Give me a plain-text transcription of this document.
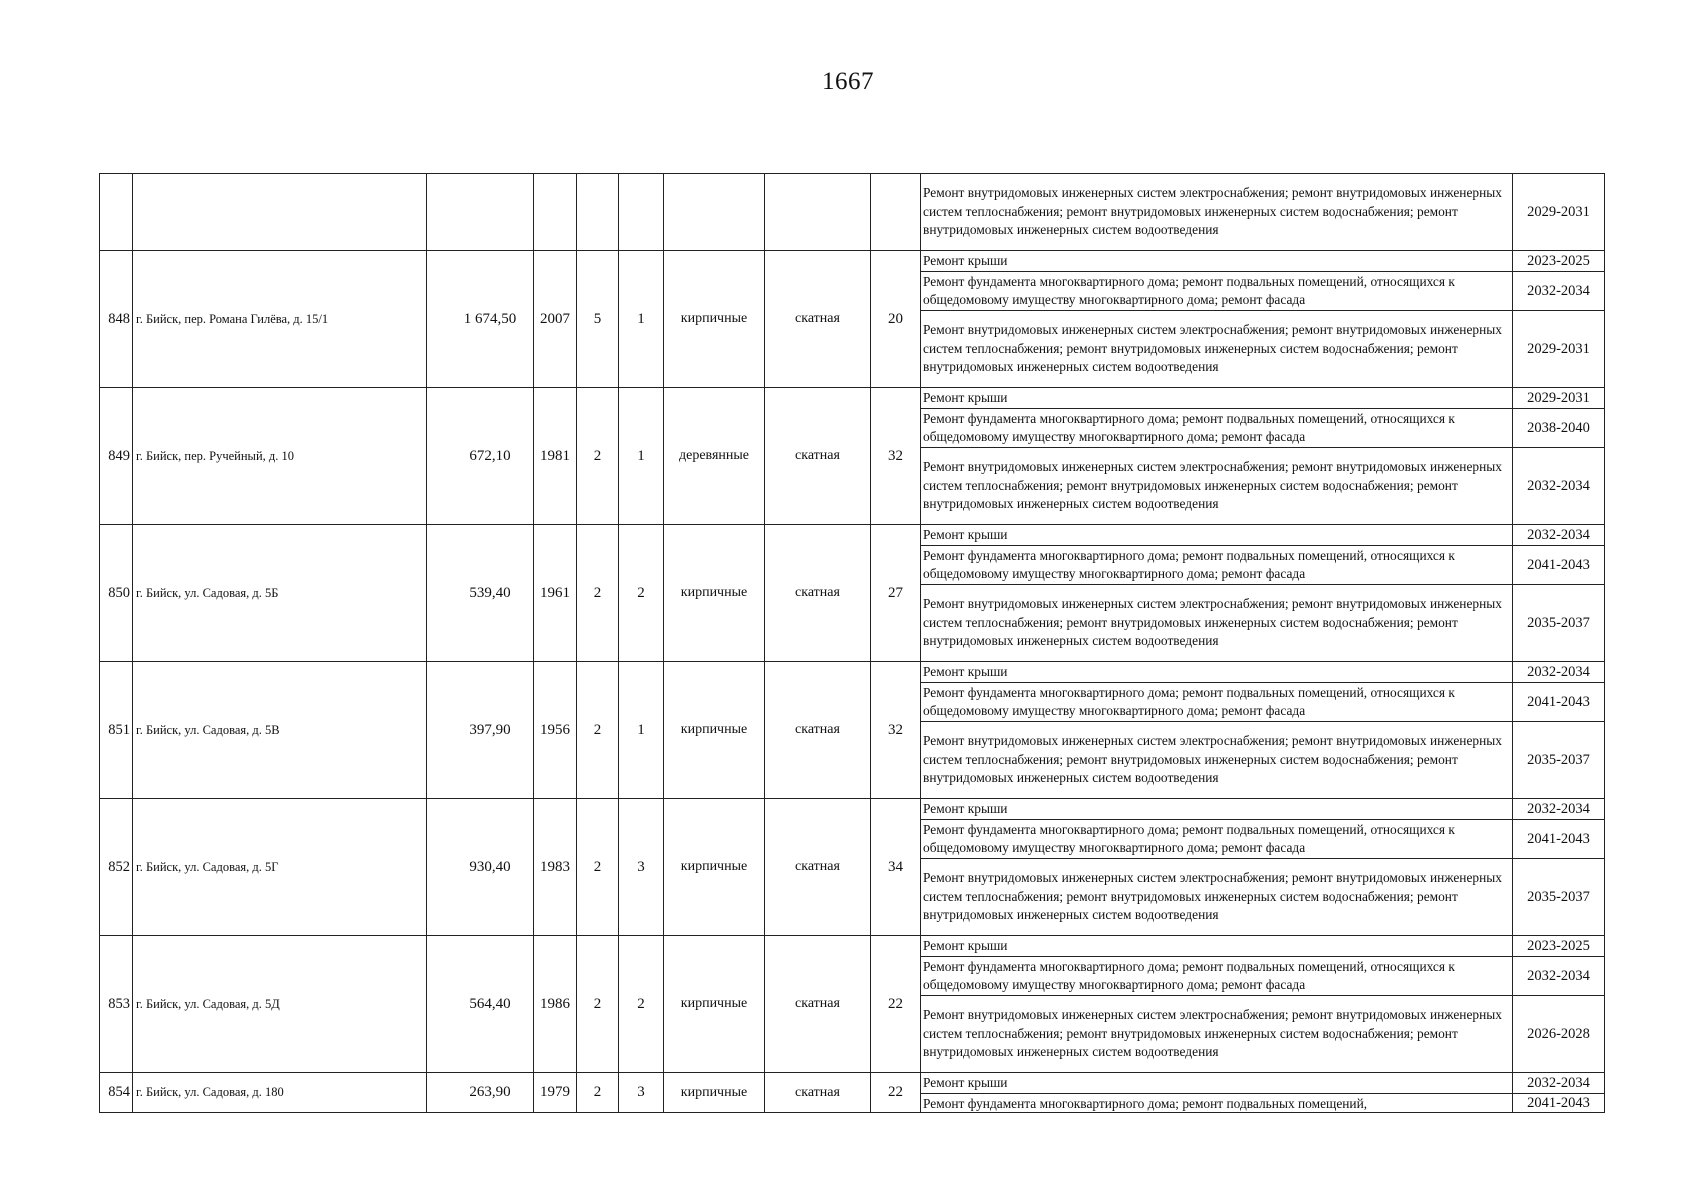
1667

									Ремонт внутридомовых инженерных систем электроснабжения; ремонт внутридомовых инженерных систем теплоснабжения; ремонт внутридомовых инженерных систем водоснабжения; ремонт внутридомовых инженерных систем водоотведения	2029-2031
848	г. Бийск, пер. Романа Гилёва, д. 15/1	1 674,50	2007	5	1	кирпичные	скатная	20	Ремонт крыши	2023-2025

									Ремонт фундамента многоквартирного дома; ремонт подвальных помещений, относящихся к общедомовому имуществу многоквартирного дома; ремонт фасада	2032-2034

									Ремонт внутридомовых инженерных систем электроснабжения; ремонт внутридомовых инженерных систем теплоснабжения; ремонт внутридомовых инженерных систем водоснабжения; ремонт внутридомовых инженерных систем водоотведения	2029-2031
849	г. Бийск, пер. Ручейный, д. 10	672,10	1981	2	1	деревянные	скатная	32	Ремонт крыши	2029-2031

									Ремонт фундамента многоквартирного дома; ремонт подвальных помещений, относящихся к общедомовому имуществу многоквартирного дома; ремонт фасада	2038-2040

									Ремонт внутридомовых инженерных систем электроснабжения; ремонт внутридомовых инженерных систем теплоснабжения; ремонт внутридомовых инженерных систем водоснабжения; ремонт внутридомовых инженерных систем водоотведения	2032-2034
850	г. Бийск, ул. Садовая, д. 5Б	539,40	1961	2	2	кирпичные	скатная	27	Ремонт крыши	2032-2034

									Ремонт фундамента многоквартирного дома; ремонт подвальных помещений, относящихся к общедомовому имуществу многоквартирного дома; ремонт фасада	2041-2043

									Ремонт внутридомовых инженерных систем электроснабжения; ремонт внутридомовых инженерных систем теплоснабжения; ремонт внутридомовых инженерных систем водоснабжения; ремонт внутридомовых инженерных систем водоотведения	2035-2037
851	г. Бийск, ул. Садовая, д. 5В	397,90	1956	2	1	кирпичные	скатная	32	Ремонт крыши	2032-2034

									Ремонт фундамента многоквартирного дома; ремонт подвальных помещений, относящихся к общедомовому имуществу многоквартирного дома; ремонт фасада	2041-2043

									Ремонт внутридомовых инженерных систем электроснабжения; ремонт внутридомовых инженерных систем теплоснабжения; ремонт внутридомовых инженерных систем водоснабжения; ремонт внутридомовых инженерных систем водоотведения	2035-2037
852	г. Бийск, ул. Садовая, д. 5Г	930,40	1983	2	3	кирпичные	скатная	34	Ремонт крыши	2032-2034

									Ремонт фундамента многоквартирного дома; ремонт подвальных помещений, относящихся к общедомовому имуществу многоквартирного дома; ремонт фасада	2041-2043

									Ремонт внутридомовых инженерных систем электроснабжения; ремонт внутридомовых инженерных систем теплоснабжения; ремонт внутридомовых инженерных систем водоснабжения; ремонт внутридомовых инженерных систем водоотведения	2035-2037
853	г. Бийск, ул. Садовая, д. 5Д	564,40	1986	2	2	кирпичные	скатная	22	Ремонт крыши	2023-2025

									Ремонт фундамента многоквартирного дома; ремонт подвальных помещений, относящихся к общедомовому имуществу многоквартирного дома; ремонт фасада	2032-2034

									Ремонт внутридомовых инженерных систем электроснабжения; ремонт внутридомовых инженерных систем теплоснабжения; ремонт внутридомовых инженерных систем водоснабжения; ремонт внутридомовых инженерных систем водоотведения	2026-2028
854	г. Бийск, ул. Садовая, д. 180	263,90	1979	2	3	кирпичные	скатная	22	Ремонт крыши	2032-2034

									Ремонт фундамента многоквартирного дома; ремонт подвальных помещений,	2041-2043
